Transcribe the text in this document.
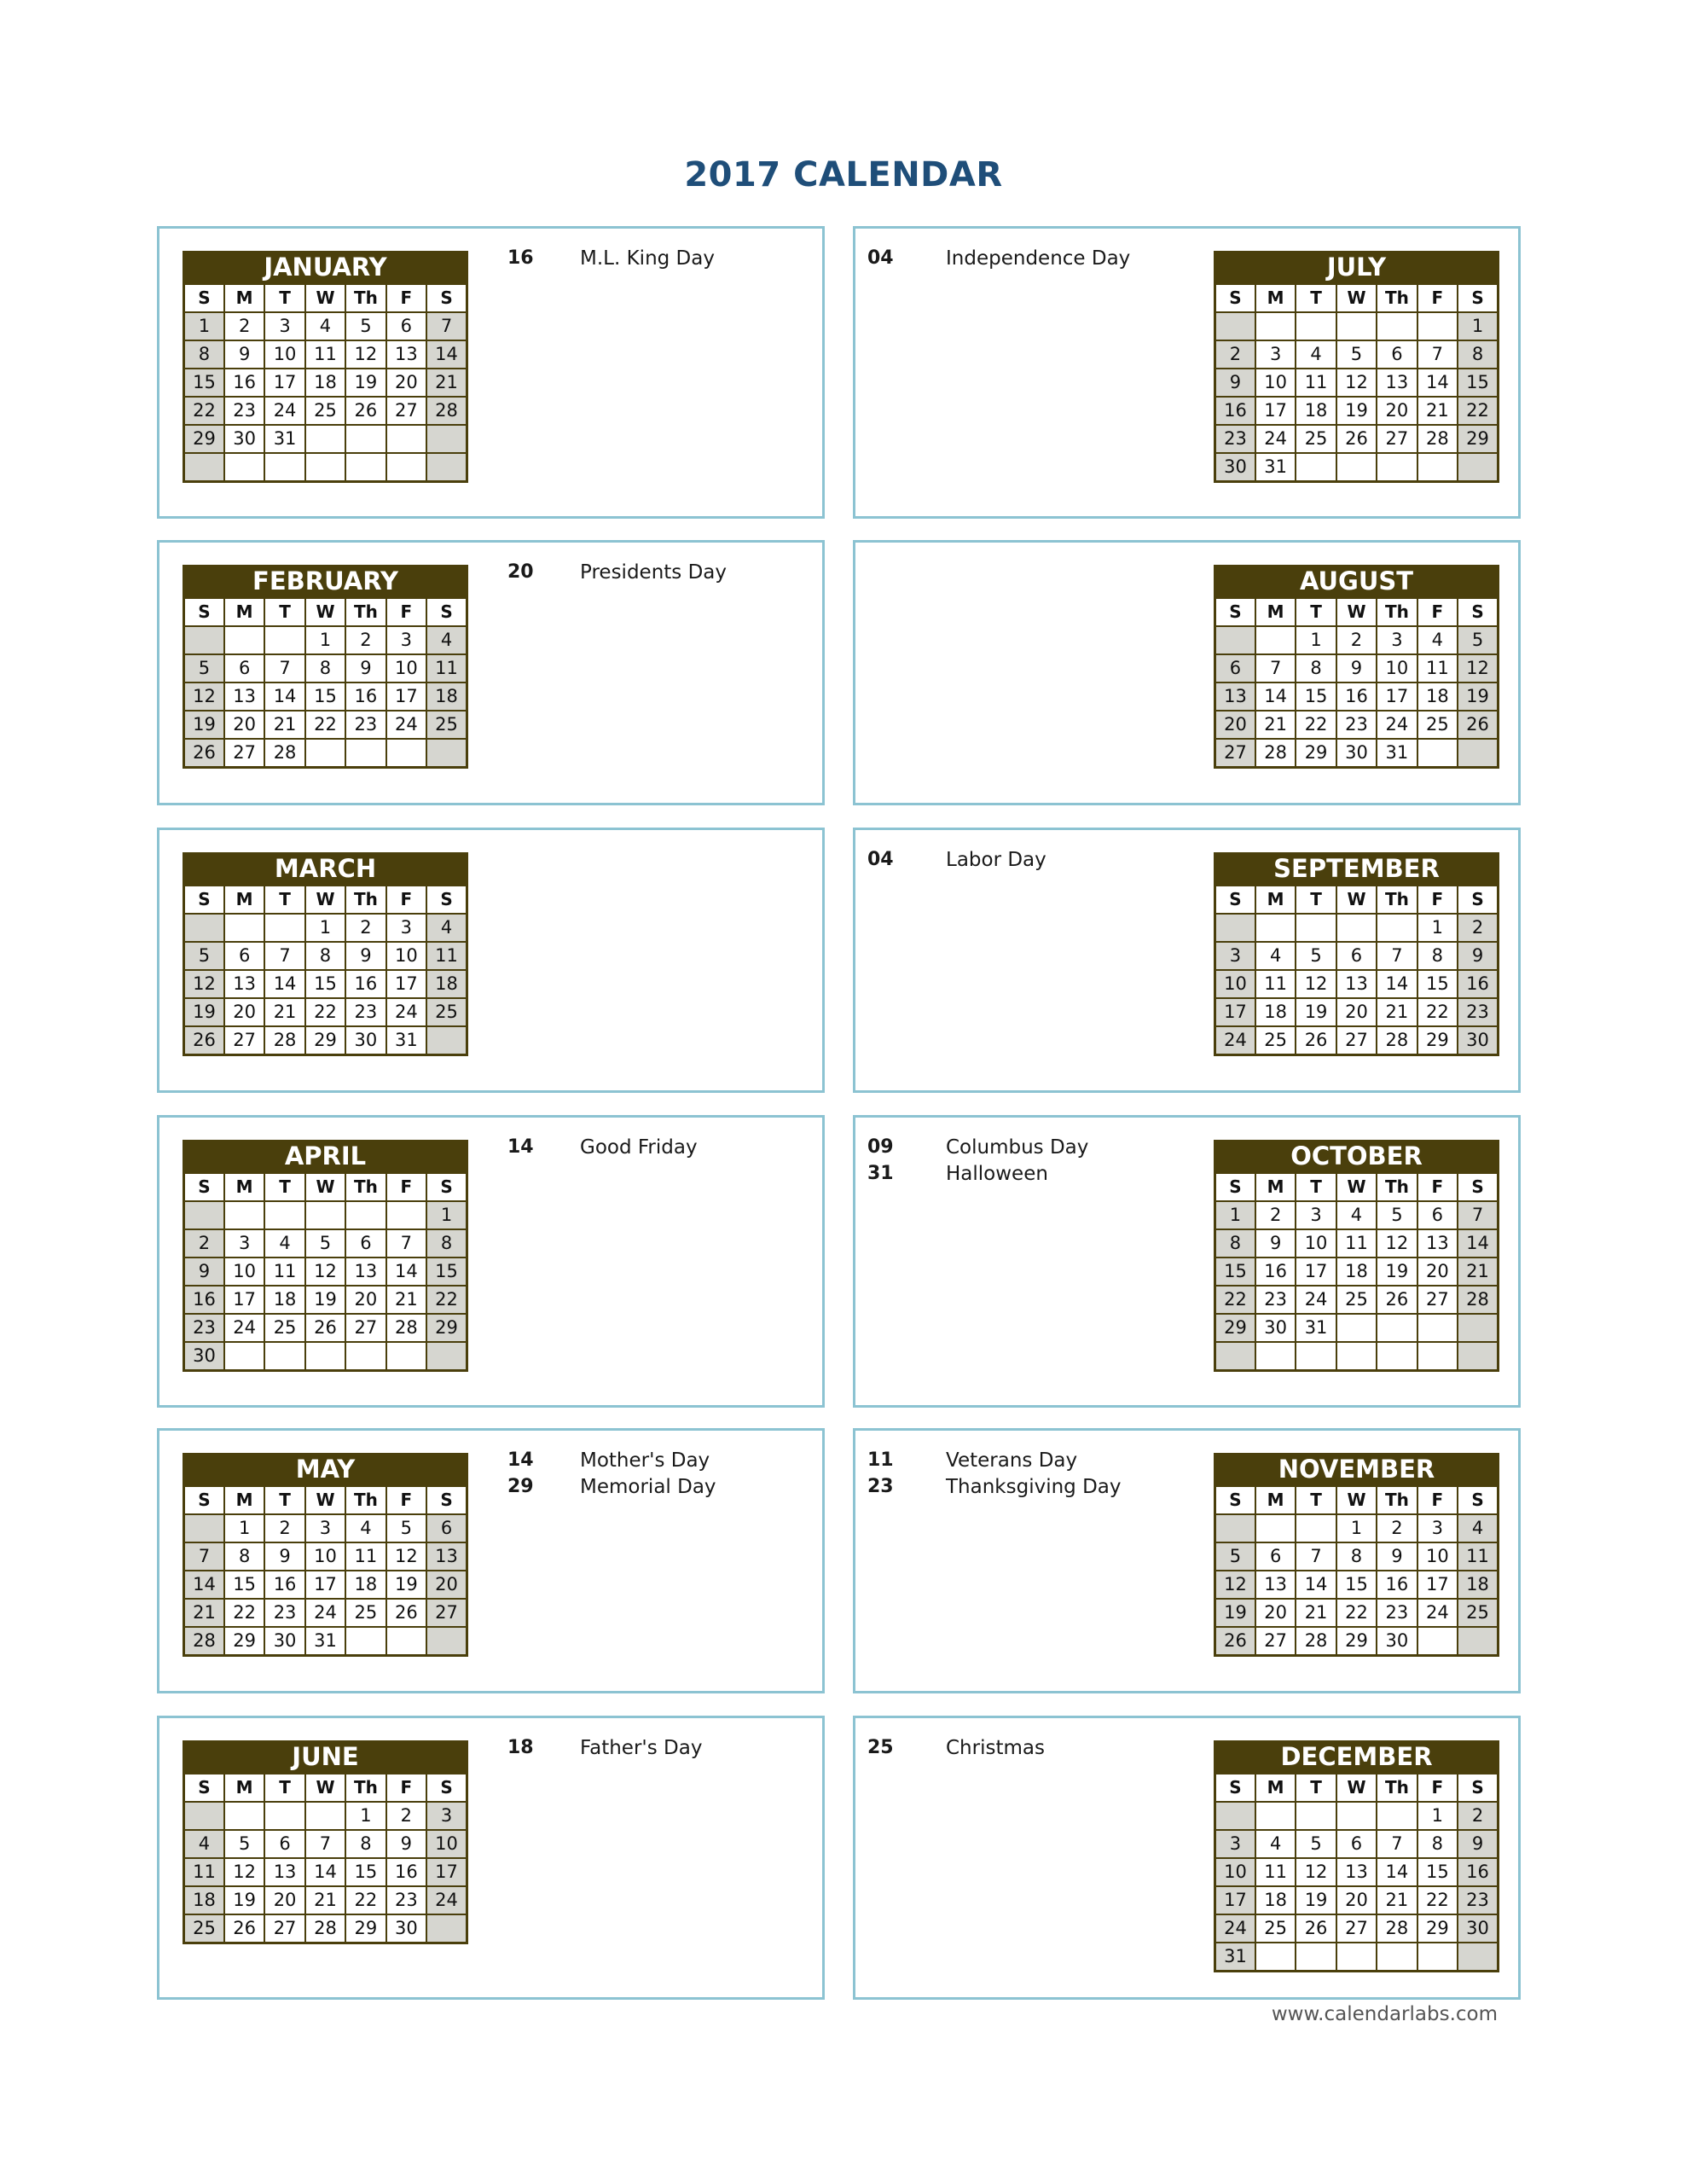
2017 CALENDAR
JANUARY
S	M	T	W	Th	F	S
1	2	3	4	5	6	7
8	9	10	11	12	13	14
15	16	17	18	19	20	21
22	23	24	25	26	27	28
29	30	31				

16 M.L. King Day
FEBRUARY
S	M	T	W	Th	F	S
			1	2	3	4
5	6	7	8	9	10	11
12	13	14	15	16	17	18
19	20	21	22	23	24	25
26	27	28				
20 Presidents Day
MARCH
S	M	T	W	Th	F	S
			1	2	3	4
5	6	7	8	9	10	11
12	13	14	15	16	17	18
19	20	21	22	23	24	25
26	27	28	29	30	31	
APRIL
S	M	T	W	Th	F	S
						1
2	3	4	5	6	7	8
9	10	11	12	13	14	15
16	17	18	19	20	21	22
23	24	25	26	27	28	29
30						
14 Good Friday
MAY
S	M	T	W	Th	F	S
	1	2	3	4	5	6
7	8	9	10	11	12	13
14	15	16	17	18	19	20
21	22	23	24	25	26	27
28	29	30	31			
14 Mother's Day
29 Memorial Day
JUNE
S	M	T	W	Th	F	S
				1	2	3
4	5	6	7	8	9	10
11	12	13	14	15	16	17
18	19	20	21	22	23	24
25	26	27	28	29	30	
18 Father's Day
JULY
S	M	T	W	Th	F	S
						1
2	3	4	5	6	7	8
9	10	11	12	13	14	15
16	17	18	19	20	21	22
23	24	25	26	27	28	29
30	31					
04	Independence Day
AUGUST
S	M	T	W	Th	F	S
		1	2	3	4	5
6	7	8	9	10	11	12
13	14	15	16	17	18	19
20	21	22	23	24	25	26
27	28	29	30	31		
SEPTEMBER
S	M	T	W	Th	F	S
					1	2
3	4	5	6	7	8	9
10	11	12	13	14	15	16
17	18	19	20	21	22	23
24	25	26	27	28	29	30
04	Labor Day
OCTOBER
S	M	T	W	Th	F	S
1	2	3	4	5	6	7
8	9	10	11	12	13	14
15	16	17	18	19	20	21
22	23	24	25	26	27	28
29	30	31				

09	Columbus Day
31	Halloween
NOVEMBER
S	M	T	W	Th	F	S
			1	2	3	4
5	6	7	8	9	10	11
12	13	14	15	16	17	18
19	20	21	22	23	24	25
26	27	28	29	30		
11	Veterans Day
23	Thanksgiving Day
DECEMBER
S	M	T	W	Th	F	S
					1	2
3	4	5	6	7	8	9
10	11	12	13	14	15	16
17	18	19	20	21	22	23
24	25	26	27	28	29	30
31						
25	Christmas
www.calendarlabs.com
